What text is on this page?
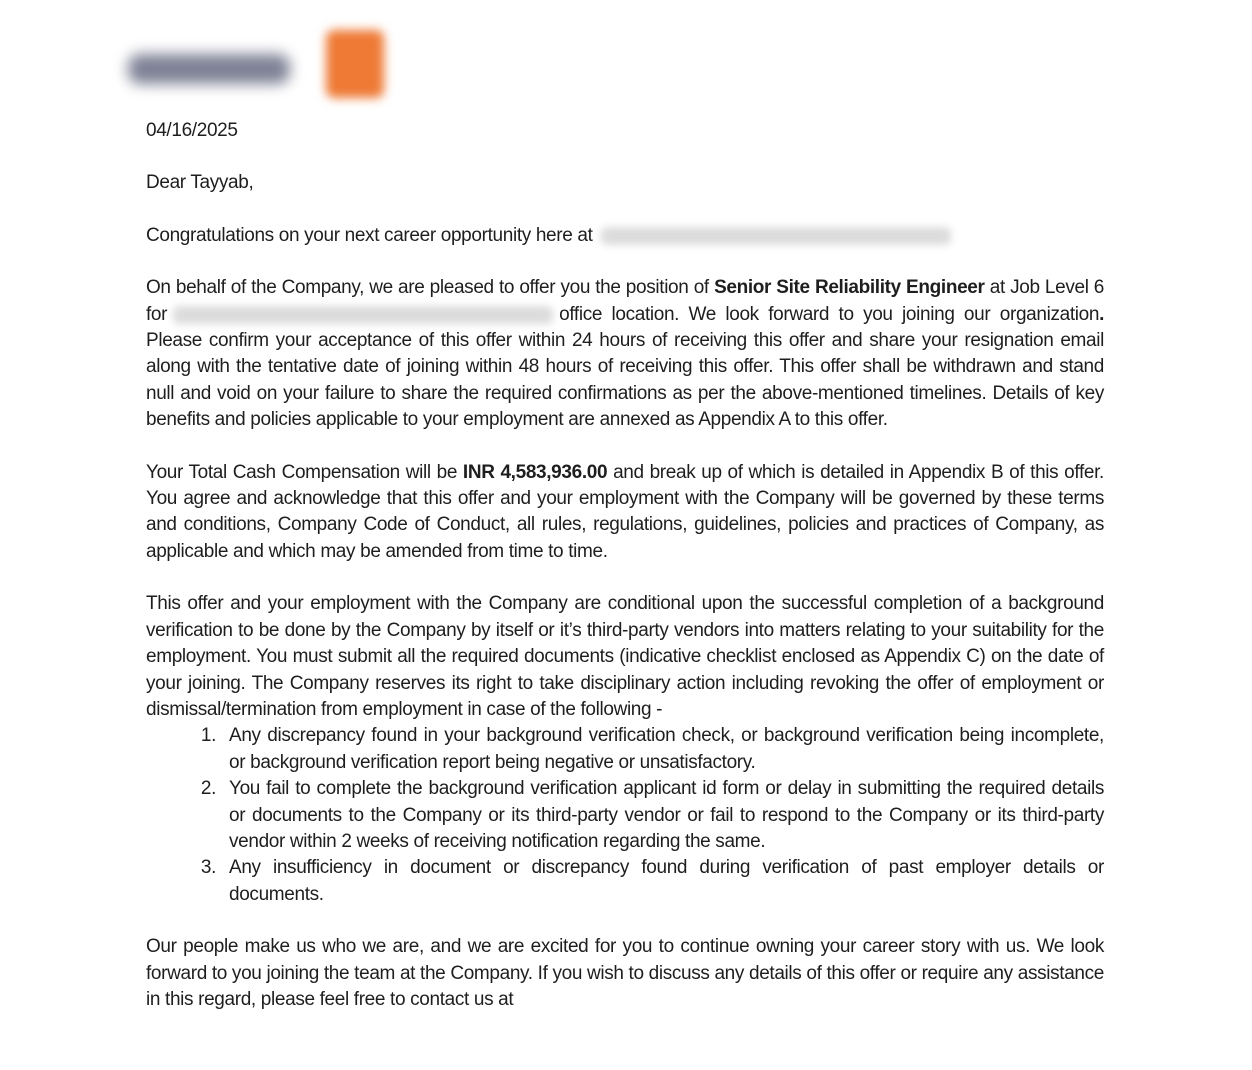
04/16/2025

Dear Tayyab,

Congratulations on your next career opportunity here at

On behalf of the Company, we are pleased to offer you the position of Senior Site Reliability Engineer at Job Level 6 for	office location. We look forward to you joining our organization. Please confirm your acceptance of this offer within 24 hours of receiving this offer and share your resignation email along with the tentative date of joining within 48 hours of receiving this offer. This offer shall be withdrawn and stand null and void on your failure to share the required confirmations as per the above-mentioned timelines. Details of key benefits and policies applicable to your employment are annexed as Appendix A to this offer.

Your Total Cash Compensation will be INR 4,583,936.00 and break up of which is detailed in Appendix B of this offer. You agree and acknowledge that this offer and your employment with the Company will be governed by these terms and conditions, Company Code of Conduct, all rules, regulations, guidelines, policies and practices of Company, as applicable and which may be amended from time to time.

This offer and your employment with the Company are conditional upon the successful completion of a background verification to be done by the Company by itself or it’s third-party vendors into matters relating to your suitability for the employment. You must submit all the required documents (indicative checklist enclosed as Appendix C) on the date of your joining. The Company reserves its right to take disciplinary action including revoking the offer of employment or dismissal/termination from employment in case of the following -

1. Any discrepancy found in your background verification check, or background verification being incomplete, or background verification report being negative or unsatisfactory.
2. You fail to complete the background verification applicant id form or delay in submitting the required details or documents to the Company or its third-party vendor or fail to respond to the Company or its third-party vendor within 2 weeks of receiving notification regarding the same.
3. Any insufficiency in document or discrepancy found during verification of past employer details or documents.

Our people make us who we are, and we are excited for you to continue owning your career story with us. We look forward to you joining the team at the Company. If you wish to discuss any details of this offer or require any assistance in this regard, please feel free to contact us at
